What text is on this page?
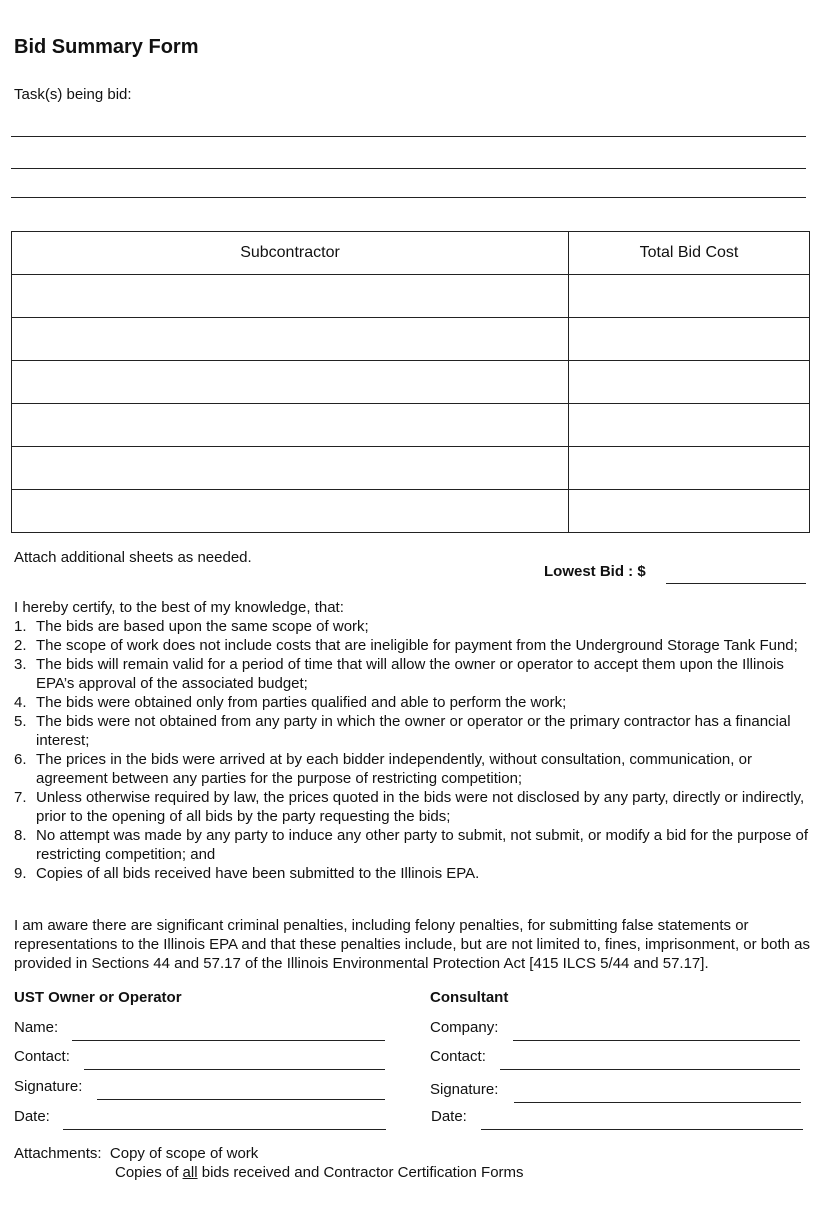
Bid Summary Form
Task(s) being bid:
Subcontractor	Total Bid Cost

Attach additional sheets as needed.
Lowest Bid : $
I hereby certify, to the best of my knowledge, that:
1. The bids are based upon the same scope of work;
2. The scope of work does not include costs that are ineligible for payment from the Underground Storage Tank Fund;
3. The bids will remain valid for a period of time that will allow the owner or operator to accept them upon the Illinois EPA’s approval of the associated budget;
4. The bids were obtained only from parties qualified and able to perform the work;
5. The bids were not obtained from any party in which the owner or operator or the primary contractor has a financial interest;
6. The prices in the bids were arrived at by each bidder independently, without consultation, communication, or agreement between any parties for the purpose of restricting competition;
7. Unless otherwise required by law, the prices quoted in the bids were not disclosed by any party, directly or indirectly, prior to the opening of all bids by the party requesting the bids;
8. No attempt was made by any party to induce any other party to submit, not submit, or modify a bid for the purpose of restricting competition; and
9. Copies of all bids received have been submitted to the Illinois EPA.
I am aware there are significant criminal penalties, including felony penalties, for submitting false statements or representations to the Illinois EPA and that these penalties include, but are not limited to, fines, imprisonment, or both as provided in Sections 44 and 57.17 of the Illinois Environmental Protection Act [415 ILCS 5/44 and 57.17].
UST Owner or Operator
Name:
Contact:
Signature:
Date:
Consultant
Company:
Contact:
Signature:
Date:
Attachments: Copy of scope of work
Copies of all bids received and Contractor Certification Forms
